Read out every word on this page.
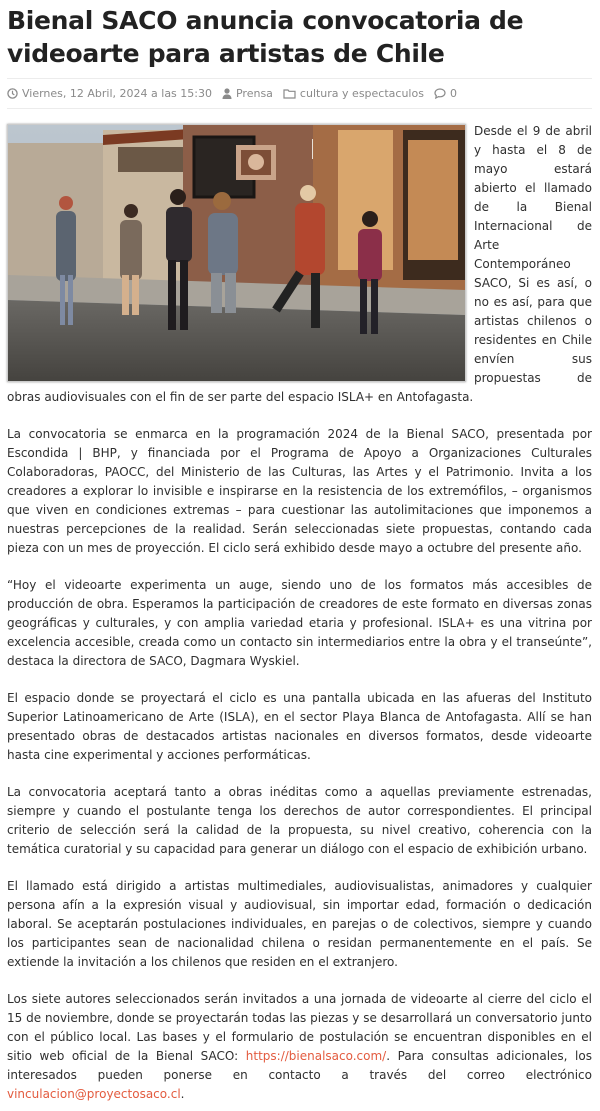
Bienal SACO anuncia convocatoria de videoarte para artistas de Chile
Viernes, 12 Abril, 2024 a las 15:30 Prensa cultura y espectaculos 0

Desde el 9 de abril y hasta el 8 de mayo estará abierto el llamado de la Bienal Internacional de Arte Contemporáneo SACO, Si es así, o no es así, para que artistas chilenos o residentes en Chile envíen sus propuestas de obras audiovisuales con el fin de ser parte del espacio ISLA+ en Antofagasta.

La convocatoria se enmarca en la programación 2024 de la Bienal SACO, presentada por Escondida | BHP, y financiada por el Programa de Apoyo a Organizaciones Culturales Colaboradoras, PAOCC, del Ministerio de las Culturas, las Artes y el Patrimonio. Invita a los creadores a explorar lo invisible e inspirarse en la resistencia de los extremófilos, – organismos que viven en condiciones extremas – para cuestionar las autolimitaciones que imponemos a nuestras percepciones de la realidad. Serán seleccionadas siete propuestas, contando cada pieza con un mes de proyección. El ciclo será exhibido desde mayo a octubre del presente año.

“Hoy el videoarte experimenta un auge, siendo uno de los formatos más accesibles de producción de obra. Esperamos la participación de creadores de este formato en diversas zonas geográficas y culturales, y con amplia variedad etaria y profesional. ISLA+ es una vitrina por excelencia accesible, creada como un contacto sin intermediarios entre la obra y el transeúnte”, destaca la directora de SACO, Dagmara Wyskiel.

El espacio donde se proyectará el ciclo es una pantalla ubicada en las afueras del Instituto Superior Latinoamericano de Arte (ISLA), en el sector Playa Blanca de Antofagasta. Allí se han presentado obras de destacados artistas nacionales en diversos formatos, desde videoarte hasta cine experimental y acciones performáticas.

La convocatoria aceptará tanto a obras inéditas como a aquellas previamente estrenadas, siempre y cuando el postulante tenga los derechos de autor correspondientes. El principal criterio de selección será la calidad de la propuesta, su nivel creativo, coherencia con la temática curatorial y su capacidad para generar un diálogo con el espacio de exhibición urbano.

El llamado está dirigido a artistas multimediales, audiovisualistas, animadores y cualquier persona afín a la expresión visual y audiovisual, sin importar edad, formación o dedicación laboral. Se aceptarán postulaciones individuales, en parejas o de colectivos, siempre y cuando los participantes sean de nacionalidad chilena o residan permanentemente en el país. Se extiende la invitación a los chilenos que residen en el extranjero.

Los siete autores seleccionados serán invitados a una jornada de videoarte al cierre del ciclo el 15 de noviembre, donde se proyectarán todas las piezas y se desarrollará un conversatorio junto con el público local. Las bases y el formulario de postulación se encuentran disponibles en el sitio web oficial de la Bienal SACO: https://bienalsaco.com/. Para consultas adicionales, los interesados pueden ponerse en contacto a través del correo electrónico vinculacion@proyectosaco.cl.
